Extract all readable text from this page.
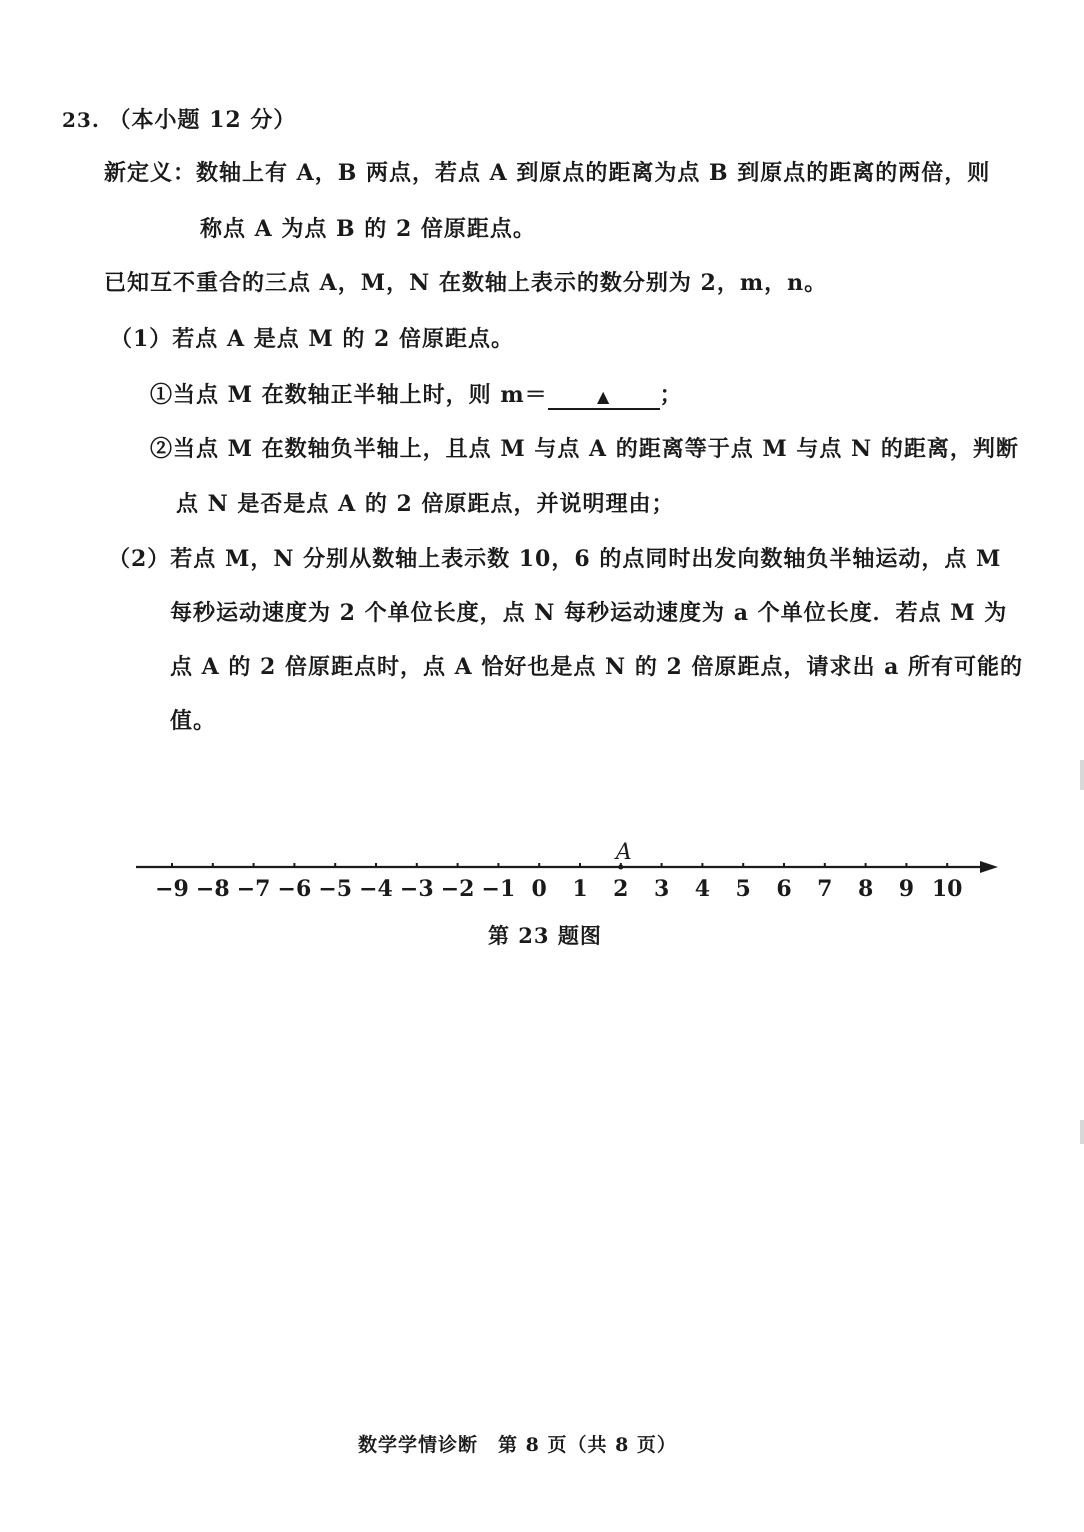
23. （本小题 12 分）
新定义：数轴上有 A，B 两点，若点 A 到原点的距离为点 B 到原点的距离的两倍，则
称点 A 为点 B 的 2 倍原距点。
已知互不重合的三点 A，M，N 在数轴上表示的数分别为 2，m，n。
（1）若点 A 是点 M 的 2 倍原距点。
①当点 M 在数轴正半轴上时，则 m＝	▲ ；
②当点 M 在数轴负半轴上，且点 M 与点 A 的距离等于点 M 与点 N 的距离，判断
点 N 是否是点 A 的 2 倍原距点，并说明理由；
（2）若点 M，N 分别从数轴上表示数 10，6 的点同时出发向数轴负半轴运动，点 M
每秒运动速度为 2 个单位长度，点 N 每秒运动速度为 a 个单位长度．若点 M 为
点 A 的 2 倍原距点时，点 A 恰好也是点 N 的 2 倍原距点，请求出 a 所有可能的
值。
−9 −8 −7 −6 −5 −4 −3 −2 −1 0 1 2 3 4 5 6 7 8 9 10
A
第 23 题图
数学学情诊断　第 8 页（共 8 页）
